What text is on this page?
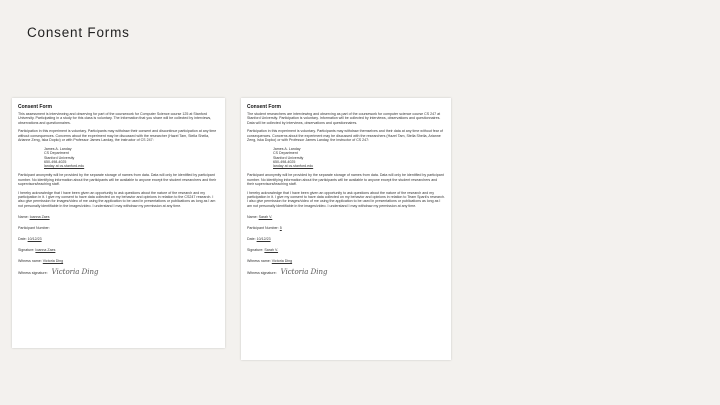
Consent Forms
Consent Form

This assessment is interviewing and observing for part of the coursework for Computer Science course 125 at Stanford University. Participating in a study for this class is voluntary. The information that you share will be collected by interviews, observations and questionnaires.

Participation in this experiment is voluntary. Participants may withdraw their consent and discontinue participation at any time without consequences. Concerns about the experiment may be discussed with the researcher (Hazel Tam, Stella Sheila, Arianne Zeng, Iska Dopko) or with Professor James Landay, the instructor of CS 247:

James A. Landay
CS Department
Stanford University
650-498-4025
landay at cs.stanford.edu

Participant anonymity will be provided by the separate storage of names from data. Data will only be identified by participant number. No identifying information about the participants will be available to anyone except the student researchers and their supervisors/teaching staff.

I hereby acknowledge that I have been given an opportunity to ask questions about the nature of the research and my participation in it. I give my consent to have data collected on my behavior and opinions in relation to the CS247 research. I also give permission for images/video of me using the application to be used in presentations or publications as long as I am not personally identifiable in the images/video. I understand I may withdraw my permission at any time.

Name: Ioanna Zaes
Participant Number:
Date: 10/12/23
Signature: Ioanna Zaes
Witness name: Victoria Ding
Witness signature: Victoria Ding
Consent Form

The student researchers are interviewing and observing as part of the coursework for computer science course CS 247 at Stanford University. Participation is voluntary. Information will be collected by interviews, observations and questionnaires. Data will be collected by interviews, observations and questionnaires.

Participation in this experiment is voluntary. Participants may withdraw themselves and their data at any time without fear of consequences. Concerns about the experiment may be discussed with the researchers (Hazel Tam, Stella Sheila, Arianne Zeng, Iska Dopko) or with Professor James Landay, the instructor of CS 247:

James A. Landay
CS Department
Stanford University
650-498-4025
landay at cs.stanford.edu

Participant anonymity will be provided by the separate storage of names from data. Data will only be identified by participant number. No identifying information about the participants will be available to anyone except the student researchers and their supervisors/teaching staff.

I hereby acknowledge that I have been given an opportunity to ask questions about the nature of the research and my participation in it. I give my consent to have data collected on my behavior and opinions in relation to Team Spark's research. I also give permission for images/video of me using the application to be used in presentations or publications as long as I am not personally identifiable in the images/video. I understand I may withdraw my permission at any time.

Name: Sarah V.
Participant Number: 5
Date: 10/12/23
Signature: Sarah V.
Witness name: Victoria Ding
Witness signature: Victoria Ding
